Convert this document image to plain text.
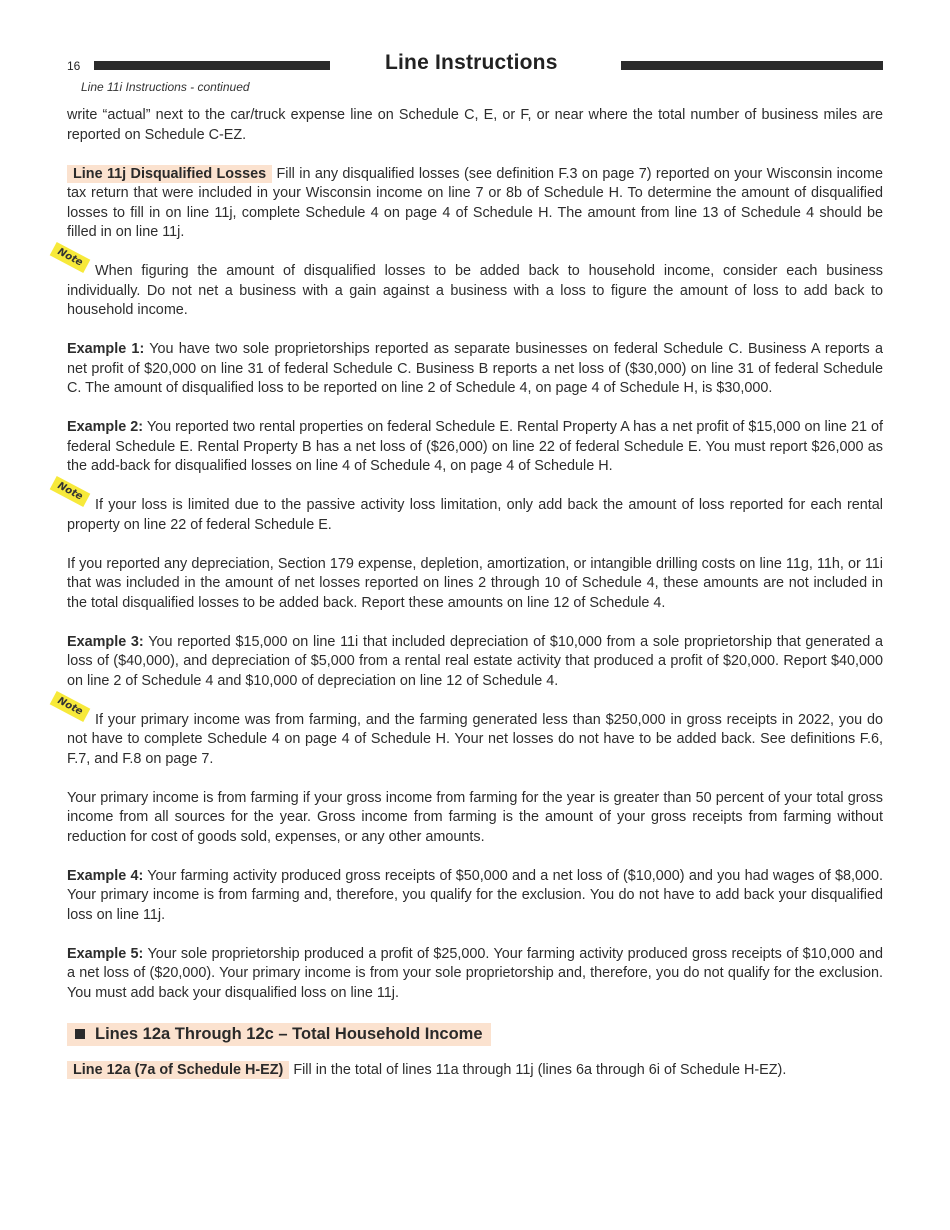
16	Line Instructions
Line 11i Instructions - continued

write “actual” next to the car/truck expense line on Schedule C, E, or F, or near where the total number of business miles are reported on Schedule C-EZ.

Line 11j Disqualified Losses Fill in any disqualified losses (see definition F.3 on page 7) reported on your Wisconsin income tax return that were included in your Wisconsin income on line 7 or 8b of Schedule H. To determine the amount of disqualified losses to fill in on line 11j, complete Schedule 4 on page 4 of Schedule H. The amount from line 13 of Schedule 4 should be filled in on line 11j.

Note
When figuring the amount of disqualified losses to be added back to household income, consider each business individually. Do not net a business with a gain against a business with a loss to figure the amount of loss to add back to household income.

Example 1: You have two sole proprietorships reported as separate businesses on federal Schedule C. Business A reports a net profit of $20,000 on line 31 of federal Schedule C. Business B reports a net loss of ($30,000) on line 31 of federal Schedule C. The amount of disqualified loss to be reported on line 2 of Schedule 4, on page 4 of Schedule H, is $30,000.

Example 2: You reported two rental properties on federal Schedule E. Rental Property A has a net profit of $15,000 on line 21 of federal Schedule E. Rental Property B has a net loss of ($26,000) on line 22 of federal Schedule E. You must report $26,000 as the add-back for disqualified losses on line 4 of Schedule 4, on page 4 of Schedule H.

Note
If your loss is limited due to the passive activity loss limitation, only add back the amount of loss reported for each rental property on line 22 of federal Schedule E.

If you reported any depreciation, Section 179 expense, depletion, amortization, or intangible drilling costs on line 11g, 11h, or 11i that was included in the amount of net losses reported on lines 2 through 10 of Schedule 4, these amounts are not included in the total disqualified losses to be added back. Report these amounts on line 12 of Schedule 4.

Example 3: You reported $15,000 on line 11i that included depreciation of $10,000 from a sole proprietorship that generated a loss of ($40,000), and depreciation of $5,000 from a rental real estate activity that produced a profit of $20,000. Report $40,000 on line 2 of Schedule 4 and $10,000 of depreciation on line 12 of Schedule 4.

Note
If your primary income was from farming, and the farming generated less than $250,000 in gross receipts in 2022, you do not have to complete Schedule 4 on page 4 of Schedule H. Your net losses do not have to be added back. See definitions F.6, F.7, and F.8 on page 7.

Your primary income is from farming if your gross income from farming for the year is greater than 50 percent of your total gross income from all sources for the year. Gross income from farming is the amount of your gross receipts from farming without reduction for cost of goods sold, expenses, or any other amounts.

Example 4: Your farming activity produced gross receipts of $50,000 and a net loss of ($10,000) and you had wages of $8,000. Your primary income is from farming and, therefore, you qualify for the exclusion. You do not have to add back your disqualified loss on line 11j.

Example 5: Your sole proprietorship produced a profit of $25,000. Your farming activity produced gross receipts of $10,000 and a net loss of ($20,000). Your primary income is from your sole proprietorship and, therefore, you do not qualify for the exclusion. You must add back your disqualified loss on line 11j.

Lines 12a Through 12c – Total Household Income

Line 12a (7a of Schedule H-EZ) Fill in the total of lines 11a through 11j (lines 6a through 6i of Schedule H-EZ).
